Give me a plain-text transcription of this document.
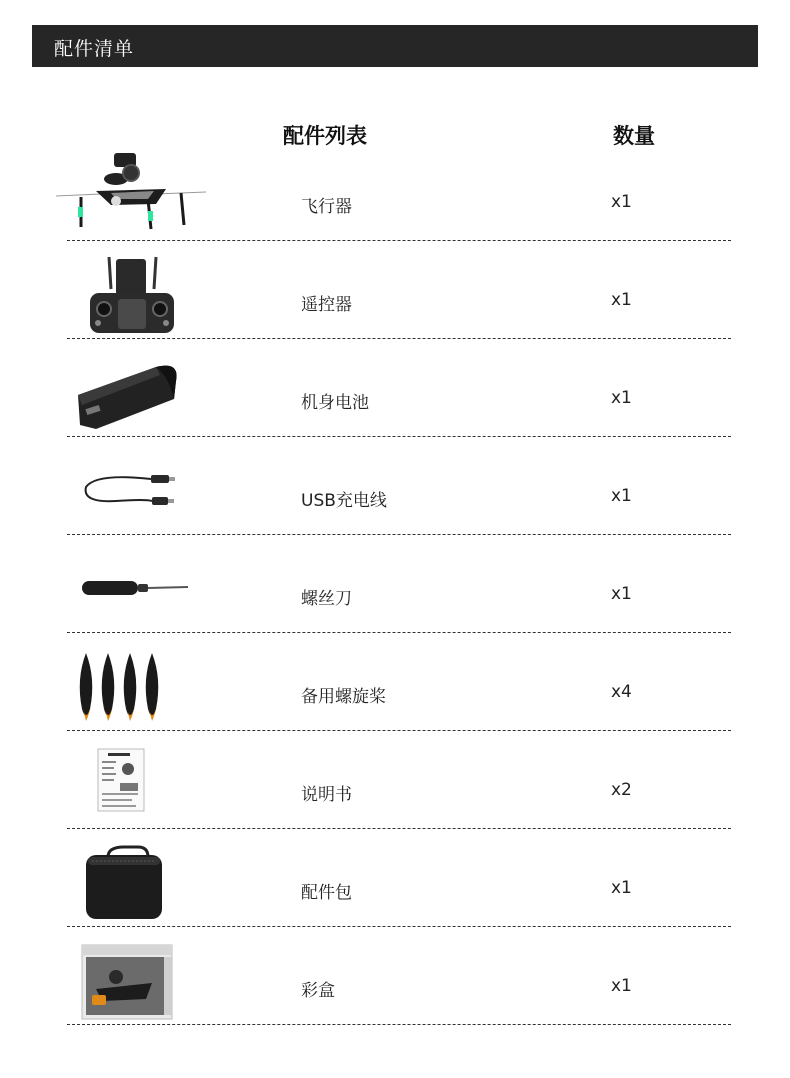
配件清单
配件列表	数量
飞行器	x1
遥控器	x1
机身电池	x1
USB充电线	x1
螺丝刀	x1
备用螺旋桨	x4
说明书	x2
配件包	x1
彩盒	x1
